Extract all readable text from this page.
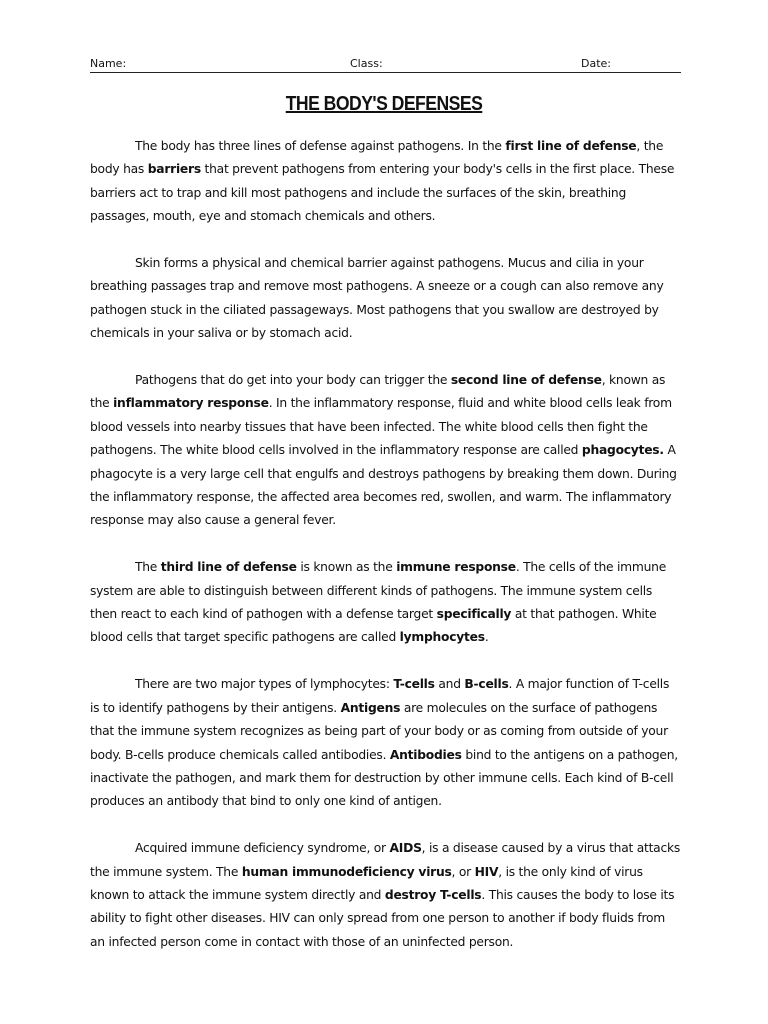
Name:	Class:	Date:
THE BODY'S DEFENSES

The body has three lines of defense against pathogens. In the first line of defense, the body has barriers that prevent pathogens from entering your body's cells in the first place. These barriers act to trap and kill most pathogens and include the surfaces of the skin, breathing passages, mouth, eye and stomach chemicals and others.

Skin forms a physical and chemical barrier against pathogens. Mucus and cilia in your breathing passages trap and remove most pathogens. A sneeze or a cough can also remove any pathogen stuck in the ciliated passageways. Most pathogens that you swallow are destroyed by chemicals in your saliva or by stomach acid.

Pathogens that do get into your body can trigger the second line of defense, known as the inflammatory response. In the inflammatory response, fluid and white blood cells leak from blood vessels into nearby tissues that have been infected. The white blood cells then fight the pathogens. The white blood cells involved in the inflammatory response are called phagocytes. A phagocyte is a very large cell that engulfs and destroys pathogens by breaking them down. During the inflammatory response, the affected area becomes red, swollen, and warm. The inflammatory response may also cause a general fever.

The third line of defense is known as the immune response. The cells of the immune system are able to distinguish between different kinds of pathogens. The immune system cells then react to each kind of pathogen with a defense target specifically at that pathogen. White blood cells that target specific pathogens are called lymphocytes.

There are two major types of lymphocytes: T-cells and B-cells. A major function of T-cells is to identify pathogens by their antigens. Antigens are molecules on the surface of pathogens that the immune system recognizes as being part of your body or as coming from outside of your body. B-cells produce chemicals called antibodies. Antibodies bind to the antigens on a pathogen, inactivate the pathogen, and mark them for destruction by other immune cells. Each kind of B-cell produces an antibody that bind to only one kind of antigen.

Acquired immune deficiency syndrome, or AIDS, is a disease caused by a virus that attacks the immune system. The human immunodeficiency virus, or HIV, is the only kind of virus known to attack the immune system directly and destroy T-cells. This causes the body to lose its ability to fight other diseases. HIV can only spread from one person to another if body fluids from an infected person come in contact with those of an uninfected person.
